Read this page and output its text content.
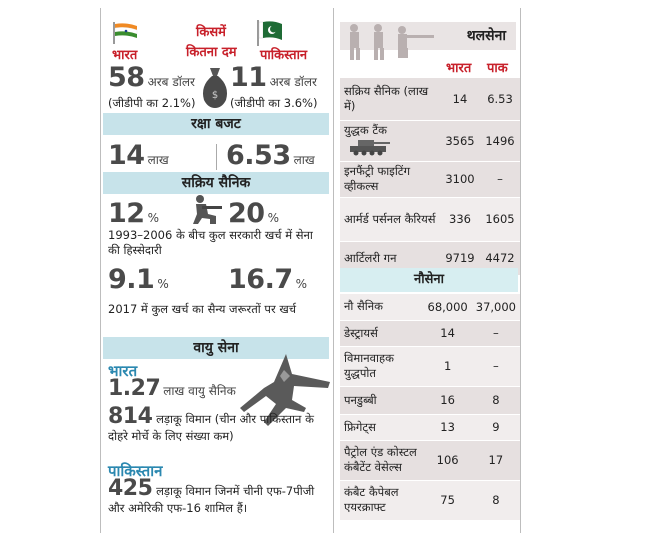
भारत
किसमें
कितना दम पाकिस्तान
58 अरब डॉलर
(जीडीपी का 2.1%)
$
11 अरब डॉलर
(जीडीपी का 3.6%)
रक्षा बजट
14 लाख 6.53 लाख
सक्रिय सैनिक
12 %	20 %
1993–2006 के बीच कुल सरकारी खर्च में सेना की हिस्सेदारी
9.1 % 16.7 %
2017 में कुल खर्च का सैन्य जरूरतों पर खर्च
वायु सेना
भारत
1.27 लाख वायु सैनिक
814 लड़ाकू विमान (चीन और पाकिस्तान के दोहरे मोर्चे के लिए संख्या कम)
पाकिस्तान
425 लड़ाकू विमान जिनमें चीनी एफ-7पीजी और अमेरिकी एफ-16 शामिल हैं।
थलसेना
भारत पाक
सक्रिय सैनिक (लाख में)	14	6.53
युद्धक टैंक	3565	1496
इनफैंट्री फाइटिंग व्हीकल्स	3100	–
आर्मर्ड पर्सनल कैरियर्स	336	1605
आर्टिलरी गन	9719	4472
नौसेना
नौ सैनिक	68,000	37,000
डेस्ट्रायर्स	14	–
विमानवाहक युद्धपोत	1	–
पनडुब्बी	16	8
फ्रिगेट्स	13	9
पैट्रोल एंड कोस्टल कंबैटेंट वेसेल्स	106	17
कंबैट कैपेबल एयरक्राफ्ट	75	8
